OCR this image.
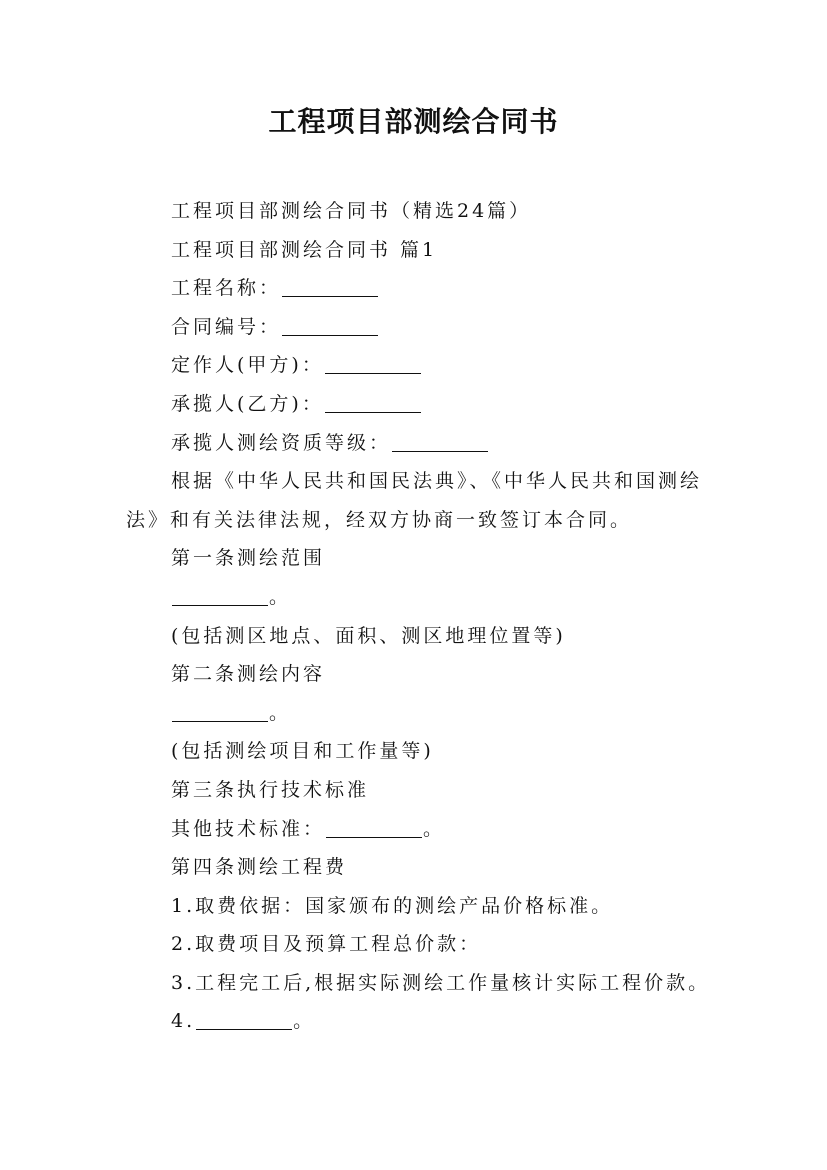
工程项目部测绘合同书
工程项目部测绘合同书（精选24篇）
工程项目部测绘合同书 篇1
工程名称：
合同编号：
定作人(甲方)：
承揽人(乙方)：
承揽人测绘资质等级：
根据《中华人民共和国民法典》、《中华人民共和国测绘法》和有关法律法规，经双方协商一致签订本合同。
第一条测绘范围
。
(包括测区地点、面积、测区地理位置等)
第二条测绘内容
。
(包括测绘项目和工作量等)
第三条执行技术标准
其他技术标准：	。
第四条测绘工程费
1.取费依据：国家颁布的测绘产品价格标准。
2.取费项目及预算工程总价款：
3.工程完工后,根据实际测绘工作量核计实际工程价款。
4.	。
